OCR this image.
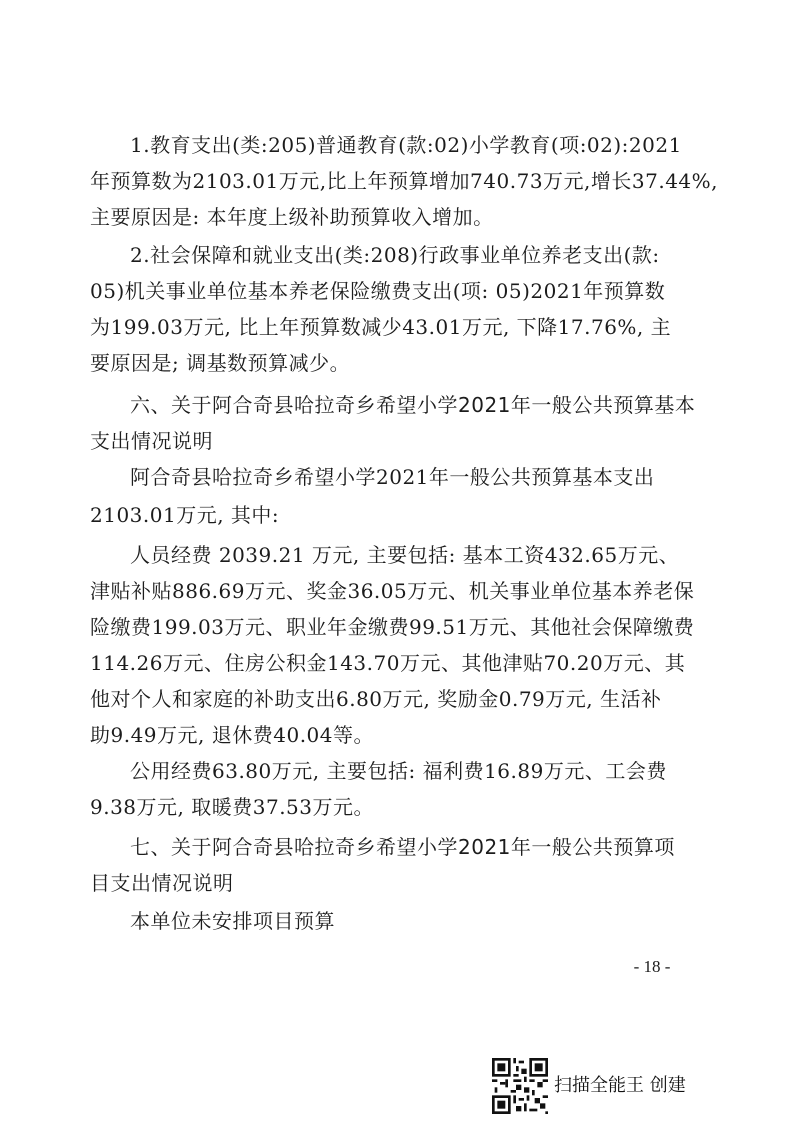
1.教育支出(类:205)普通教育(款:02)小学教育(项:02):2021
年预算数为2103.01万元,比上年预算增加740.73万元,增长37.44%,
主要原因是: 本年度上级补助预算收入增加。
2.社会保障和就业支出(类:208)行政事业单位养老支出(款:
05)机关事业单位基本养老保险缴费支出(项: 05)2021年预算数
为199.03万元, 比上年预算数减少43.01万元, 下降17.76%, 主
要原因是; 调基数预算减少。
六、关于阿合奇县哈拉奇乡希望小学2021年一般公共预算基本
支出情况说明
阿合奇县哈拉奇乡希望小学2021年一般公共预算基本支出
2103.01万元, 其中:
人员经费 2039.21 万元, 主要包括: 基本工资432.65万元、
津贴补贴886.69万元、奖金36.05万元、机关事业单位基本养老保
险缴费199.03万元、职业年金缴费99.51万元、其他社会保障缴费
114.26万元、住房公积金143.70万元、其他津贴70.20万元、其
他对个人和家庭的补助支出6.80万元, 奖励金0.79万元, 生活补
助9.49万元, 退休费40.04等。
公用经费63.80万元, 主要包括: 福利费16.89万元、工会费
9.38万元, 取暖费37.53万元。
七、关于阿合奇县哈拉奇乡希望小学2021年一般公共预算项
目支出情况说明
本单位未安排项目预算
- 18 -
扫描全能王 创建
